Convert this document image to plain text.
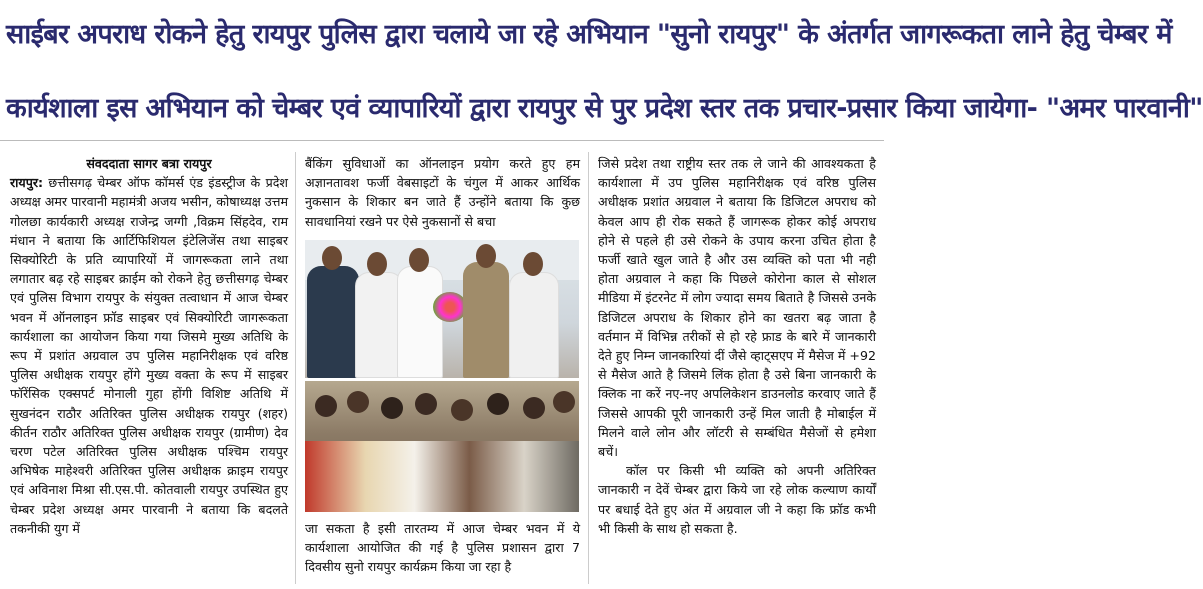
साईबर अपराध रोकने हेतु रायपुर पुलिस द्वारा चलाये जा रहे अभियान "सुनो रायपुर" के अंतर्गत जागरूकता लाने हेतु चेम्बर में
कार्यशाला इस अभियान को चेम्बर एवं व्यापारियों द्वारा रायपुर से पुर प्रदेश स्तर तक प्रचार-प्रसार किया जायेगा- "अमर पारवानी"
संवददाता सागर बत्रा रायपुर
रायपुर: छत्तीसगढ़ चेम्बर ऑफ कॉमर्स एंड इंडस्ट्रीज के प्रदेश अध्यक्ष अमर पारवानी महामंत्री अजय भसीन, कोषाध्यक्ष उत्तम गोलछा कार्यकारी अध्यक्ष राजेन्द्र जग्गी ,विक्रम सिंहदेव, राम मंधान ने बताया कि आर्टिफिशियल इंटेलिजेंस तथा साइबर सिक्योरिटी के प्रति व्यापारियों में जागरूकता लाने तथा लगातार बढ़ रहे साइबर क्राईम को रोकने हेतु छत्तीसगढ़ चेम्बर एवं पुलिस विभाग रायपुर के संयुक्त तत्वाधान में आज चेम्बर भवन में ऑनलाइन फ्रॉड साइबर एवं सिक्योरिटी जागरूकता कार्यशाला का आयोजन किया गया जिसमे मुख्य अतिथि के रूप में प्रशांत अग्रवाल उप पुलिस महानिरीक्षक एवं वरिष्ठ पुलिस अधीक्षक रायपुर होंगे मुख्य वक्ता के रूप में साइबर फॉरेंसिक एक्सपर्ट मोनाली गुहा होंगी विशिष्ट अतिथि में सुखनंदन राठौर अतिरिक्त पुलिस अधीक्षक रायपुर (शहर) कीर्तन राठौर अतिरिक्त पुलिस अधीक्षक रायपुर (ग्रामीण) देव चरण पटेल अतिरिक्त पुलिस अधीक्षक पश्चिम रायपुर अभिषेक माहेश्वरी अतिरिक्त पुलिस अधीक्षक क्राइम रायपुर एवं अविनाश मिश्रा सी.एस.पी. कोतवाली रायपुर उपस्थित हुए चेम्बर प्रदेश अध्यक्ष अमर पारवानी ने बताया कि बदलते तकनीकी युग में
बैंकिंग सुविधाओं का ऑनलाइन प्रयोग करते हुए हम अज्ञानतावश फर्जी वेबसाइटों के चंगुल में आकर आर्थिक नुकसान के शिकार बन जाते हैं उन्होंने बताया कि कुछ सावधानियां रखने पर ऐसे नुकसानों से बचा
जा सकता है इसी तारतम्य में आज चेम्बर भवन में ये कार्यशाला आयोजित की गई है पुलिस प्रशासन द्वारा 7 दिवसीय सुनो रायपुर कार्यक्रम किया जा रहा है
जिसे प्रदेश तथा राष्ट्रीय स्तर तक ले जाने की आवश्यकता है कार्यशाला में उप पुलिस महानिरीक्षक एवं वरिष्ठ पुलिस अधीक्षक प्रशांत अग्रवाल ने बताया कि डिजिटल अपराध को केवल आप ही रोक सकते हैं जागरूक होकर कोई अपराध होने से पहले ही उसे रोकने के उपाय करना उचित होता है फर्जी खाते खुल जाते है और उस व्यक्ति को पता भी नही होता अग्रवाल ने कहा कि पिछले कोरोना काल से सोशल मीडिया में इंटरनेट में लोग ज्यादा समय बिताते है जिससे उनके डिजिटल अपराध के शिकार होने का खतरा बढ़ जाता है वर्तमान में विभिन्न तरीकों से हो रहे फ्राड के बारे में जानकारी देते हुए निम्न जानकारियां दीं जैसे व्हाट्सएप में मैसेज में +92 से मैसेज आते है जिसमे लिंक होता है उसे बिना जानकारी के क्लिक ना करें नए-नए अपलिकेशन डाउनलोड करवाए जाते हैं जिससे आपकी पूरी जानकारी उन्हें मिल जाती है मोबाईल में मिलने वाले लोन और लॉटरी से सम्बंधित मैसेजों से हमेशा बचें।
कॉल पर किसी भी व्यक्ति को अपनी अतिरिक्त जानकारी न देवें चेम्बर द्वारा किये जा रहे लोक कल्याण कार्यों पर बधाई देते हुए अंत में अग्रवाल जी ने कहा कि फ्रॉड कभी भी किसी के साथ हो सकता है.
